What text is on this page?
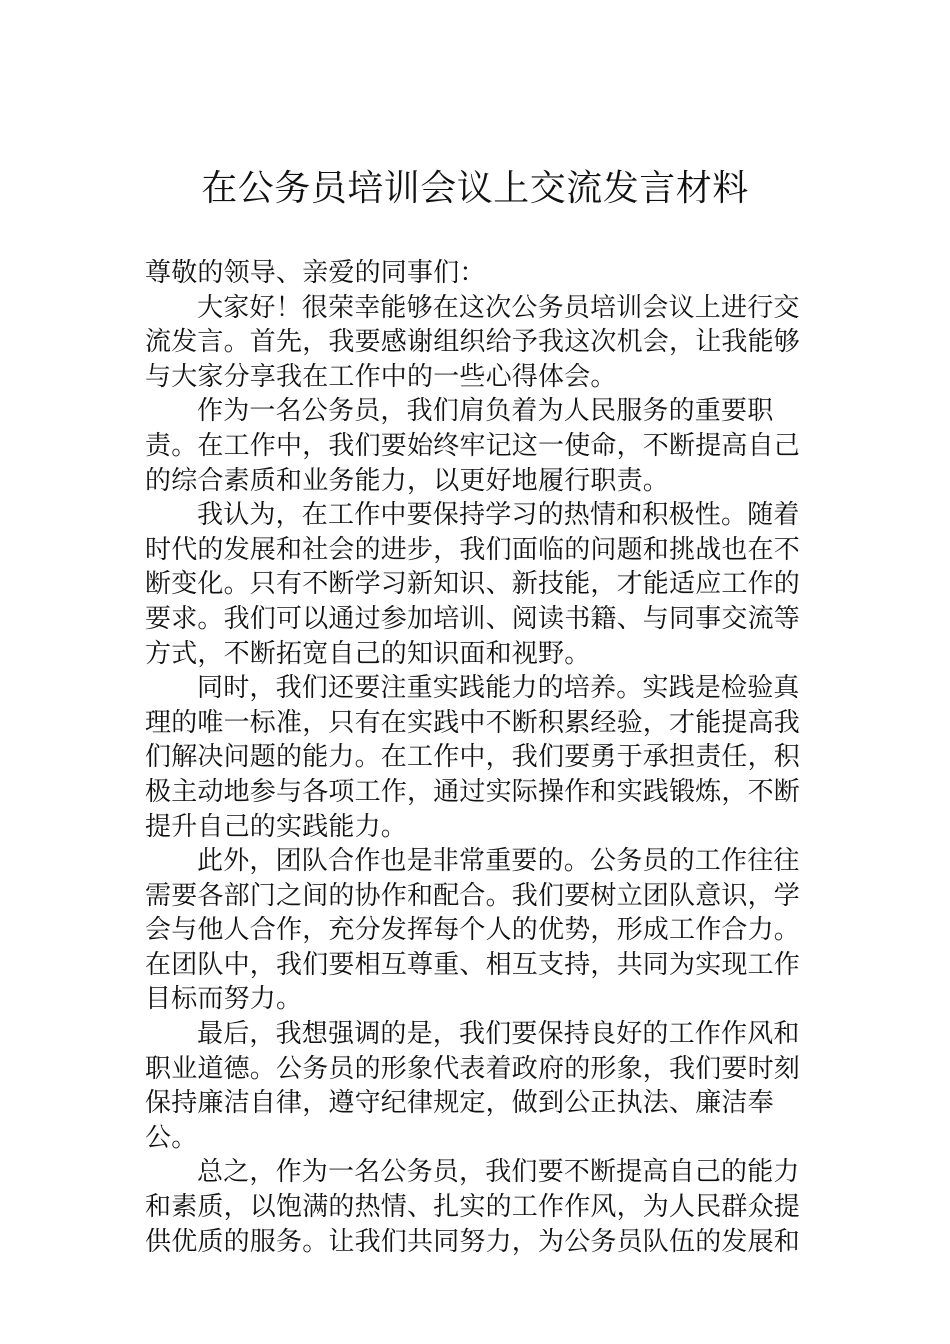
在公务员培训会议上交流发言材料

尊敬的领导、亲爱的同事们：

大家好！很荣幸能够在这次公务员培训会议上进行交流发言。首先，我要感谢组织给予我这次机会，让我能够与大家分享我在工作中的一些心得体会。

作为一名公务员，我们肩负着为人民服务的重要职责。在工作中，我们要始终牢记这一使命，不断提高自己的综合素质和业务能力，以更好地履行职责。

我认为，在工作中要保持学习的热情和积极性。随着时代的发展和社会的进步，我们面临的问题和挑战也在不断变化。只有不断学习新知识、新技能，才能适应工作的要求。我们可以通过参加培训、阅读书籍、与同事交流等方式，不断拓宽自己的知识面和视野。

同时，我们还要注重实践能力的培养。实践是检验真理的唯一标准，只有在实践中不断积累经验，才能提高我们解决问题的能力。在工作中，我们要勇于承担责任，积极主动地参与各项工作，通过实际操作和实践锻炼，不断提升自己的实践能力。

此外，团队合作也是非常重要的。公务员的工作往往需要各部门之间的协作和配合。我们要树立团队意识，学会与他人合作，充分发挥每个人的优势，形成工作合力。在团队中，我们要相互尊重、相互支持，共同为实现工作目标而努力。

最后，我想强调的是，我们要保持良好的工作作风和职业道德。公务员的形象代表着政府的形象，我们要时刻保持廉洁自律，遵守纪律规定，做到公正执法、廉洁奉公。

总之，作为一名公务员，我们要不断提高自己的能力和素质，以饱满的热情、扎实的工作作风，为人民群众提供优质的服务。让我们共同努力，为公务员队伍的发展和
